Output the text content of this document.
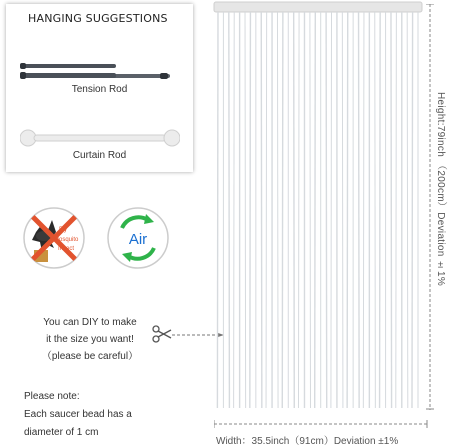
HANGING SUGGESTIONS
Tension Rod
Curtain Rod
Fly
Mosquito
Insect
Air
You can DIY to make
it the size you want!
（please be careful）
Please note:
Each saucer bead has a
diameter of 1 cm
Height:79inch （200cm）Deviation ±1%
Width：35.5inch（91cm）Deviation ±1%
